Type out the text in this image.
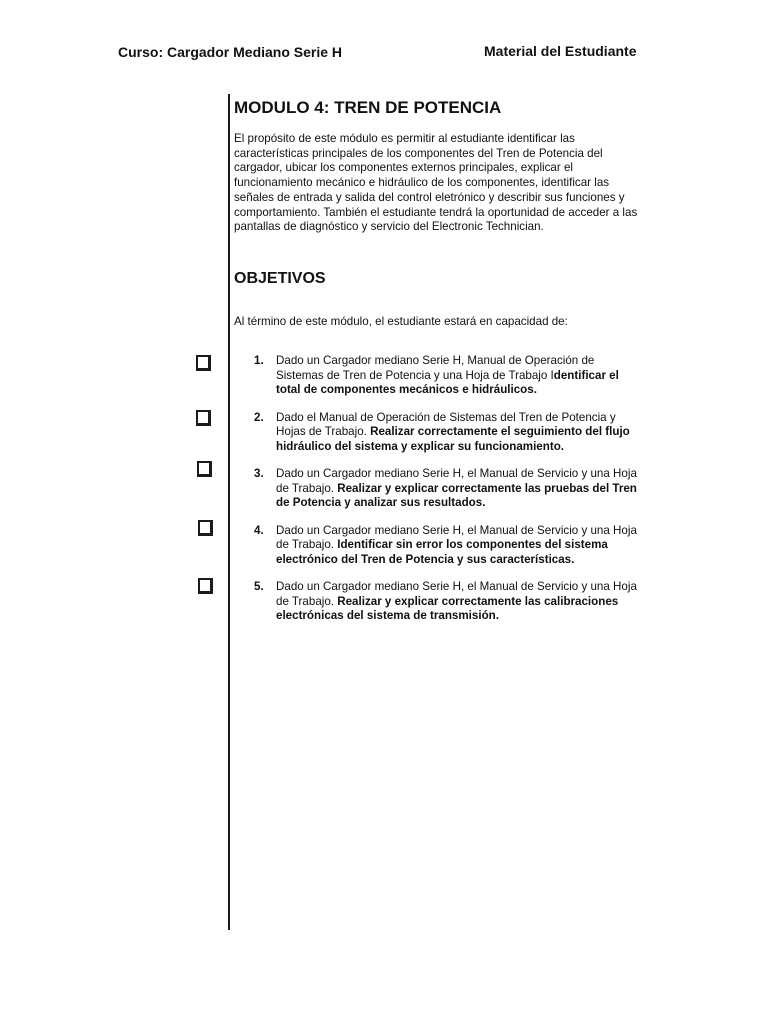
Curso: Cargador Mediano Serie H	Material del Estudiante
MODULO 4: TREN DE POTENCIA

El propósito de este módulo es permitir al estudiante identificar las características principales de los componentes del Tren de Potencia del cargador, ubicar los componentes externos principales, explicar el funcionamiento mecánico e hidráulico de los componentes, identificar las señales de entrada y salida del control eletrónico y describir sus funciones y comportamiento. También el estudiante tendrá la oportunidad de acceder a las pantallas de diagnóstico y servicio del Electronic Technician.

OBJETIVOS

Al término de este módulo, el estudiante estará en capacidad de:

1.	Dado un Cargador mediano Serie H, Manual de Operación de Sistemas de Tren de Potencia y una Hoja de Trabajo Identificar el total de componentes mecánicos e hidráulicos.
2.	Dado el Manual de Operación de Sistemas del Tren de Potencia y Hojas de Trabajo. Realizar correctamente el seguimiento del flujo hidráulico del sistema y explicar su funcionamiento.
3.	Dado un Cargador mediano Serie H, el Manual de Servicio y una Hoja de Trabajo. Realizar y explicar correctamente las pruebas del Tren de Potencia y analizar sus resultados.
4.	Dado un Cargador mediano Serie H, el Manual de Servicio y una Hoja de Trabajo. Identificar sin error los componentes del sistema electrónico del Tren de Potencia y sus características.
5.	Dado un Cargador mediano Serie H, el Manual de Servicio y una Hoja de Trabajo. Realizar y explicar correctamente las calibraciones electrónicas del sistema de transmisión.
